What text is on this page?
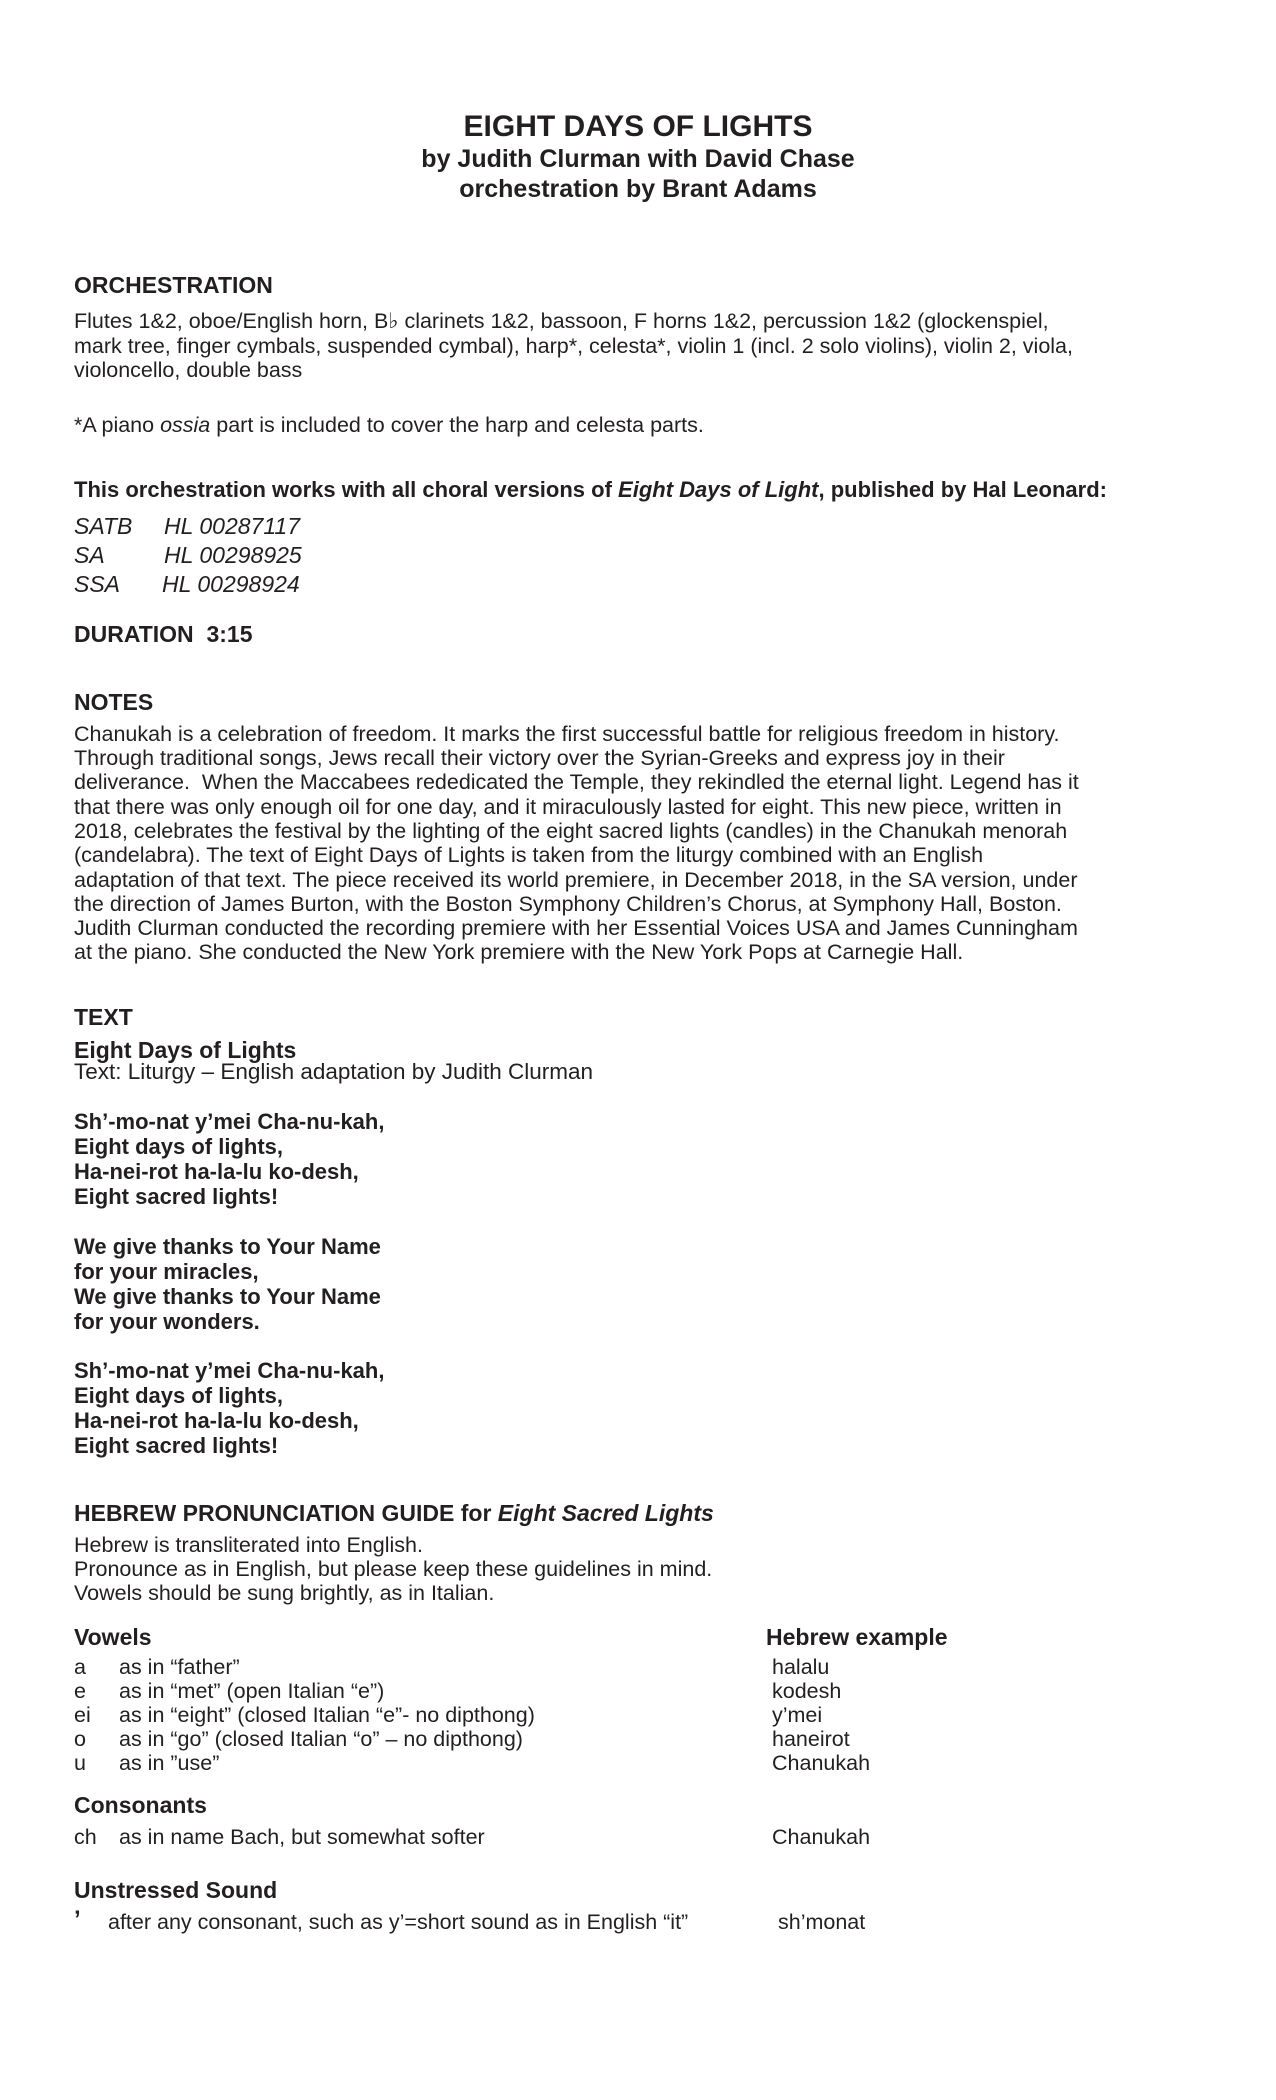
EIGHT DAYS OF LIGHTS
by Judith Clurman with David Chase
orchestration by Brant Adams
ORCHESTRATION
Flutes 1&2, oboe/English horn, B♭ clarinets 1&2, bassoon, F horns 1&2, percussion 1&2 (glockenspiel,
mark tree, finger cymbals, suspended cymbal), harp*, celesta*, violin 1 (incl. 2 solo violins), violin 2, viola,
violoncello, double bass
*A piano ossia part is included to cover the harp and celesta parts.
This orchestration works with all choral versions of Eight Days of Light, published by Hal Leonard:
SATB HL 00287117
SA	HL 00298925
SSA HL 00298924
DURATION  3:15
NOTES
Chanukah is a celebration of freedom. It marks the first successful battle for religious freedom in history.
Through traditional songs, Jews recall their victory over the Syrian-Greeks and express joy in their
deliverance.  When the Maccabees rededicated the Temple, they rekindled the eternal light. Legend has it
that there was only enough oil for one day, and it miraculously lasted for eight. This new piece, written in
2018, celebrates the festival by the lighting of the eight sacred lights (candles) in the Chanukah menorah
(candelabra). The text of Eight Days of Lights is taken from the liturgy combined with an English
adaptation of that text. The piece received its world premiere, in December 2018, in the SA version, under
the direction of James Burton, with the Boston Symphony Children’s Chorus, at Symphony Hall, Boston.
Judith Clurman conducted the recording premiere with her Essential Voices USA and James Cunningham
at the piano. She conducted the New York premiere with the New York Pops at Carnegie Hall.
TEXT
Eight Days of Lights
Text: Liturgy – English adaptation by Judith Clurman
Sh’-mo-nat y’mei Cha-nu-kah,
Eight days of lights,
Ha-nei-rot ha-la-lu ko-desh,
Eight sacred lights!
We give thanks to Your Name
for your miracles,
We give thanks to Your Name
for your wonders.
Sh’-mo-nat y’mei Cha-nu-kah,
Eight days of lights,
Ha-nei-rot ha-la-lu ko-desh,
Eight sacred lights!
HEBREW PRONUNCIATION GUIDE for Eight Sacred Lights
Hebrew is transliterated into English.
Pronounce as in English, but please keep these guidelines in mind.
Vowels should be sung brightly, as in Italian.
Vowels	Hebrew example
a as in “father”	halalu
e as in “met” (open Italian “e”)	kodesh
ei as in “eight” (closed Italian “e”- no dipthong)	y’mei
o as in “go” (closed Italian “o” – no dipthong)	haneirot
u as in ”use”	Chanukah
Consonants
ch as in name Bach, but somewhat softer	Chanukah
Unstressed Sound
’ after any consonant, such as y’=short sound as in English “it”	sh’monat
